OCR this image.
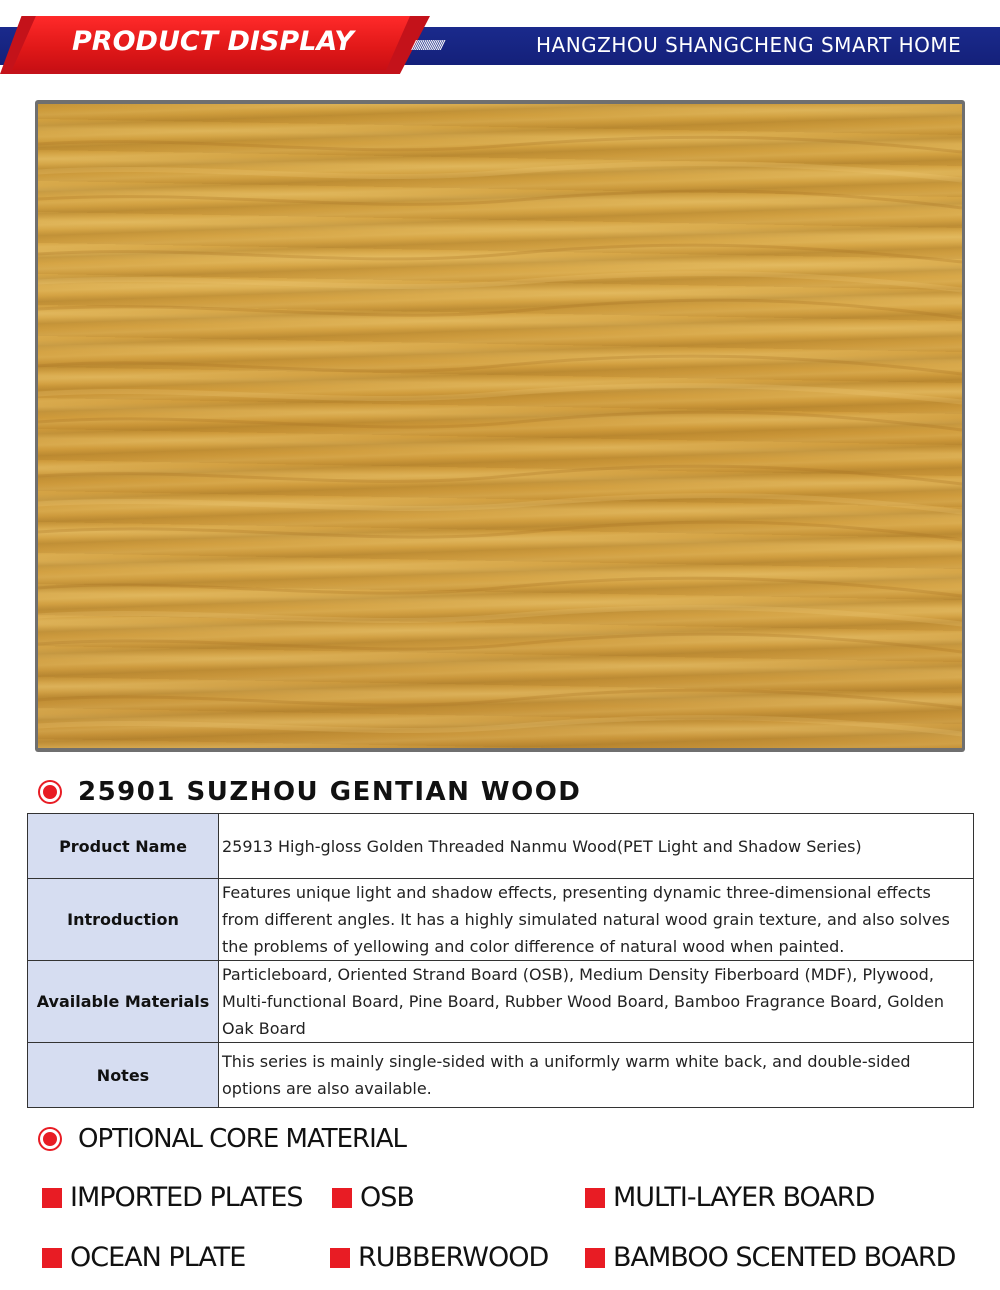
PRODUCT DISPLAY	////////////////	HANGZHOU SHANGCHENG SMART HOME
25901 SUZHOU GENTIAN WOOD
Product Name	25913 High-gloss Golden Threaded Nanmu Wood(PET Light and Shadow Series)
Introduction	Features unique light and shadow effects, presenting dynamic three-dimensional effects from different angles. It has a highly simulated natural wood grain texture, and also solves the problems of yellowing and color difference of natural wood when painted.
Available Materials	Particleboard, Oriented Strand Board (OSB), Medium Density Fiberboard (MDF), Plywood, Multi-functional Board, Pine Board, Rubber Wood Board, Bamboo Fragrance Board, Golden Oak Board
Notes	This series is mainly single-sided with a uniformly warm white back, and double-sided options are also available.
OPTIONAL CORE MATERIAL
IMPORTED PLATES OSB	MULTI-LAYER BOARD
OCEAN PLATE	RUBBERWOOD BAMBOO SCENTED BOARD
